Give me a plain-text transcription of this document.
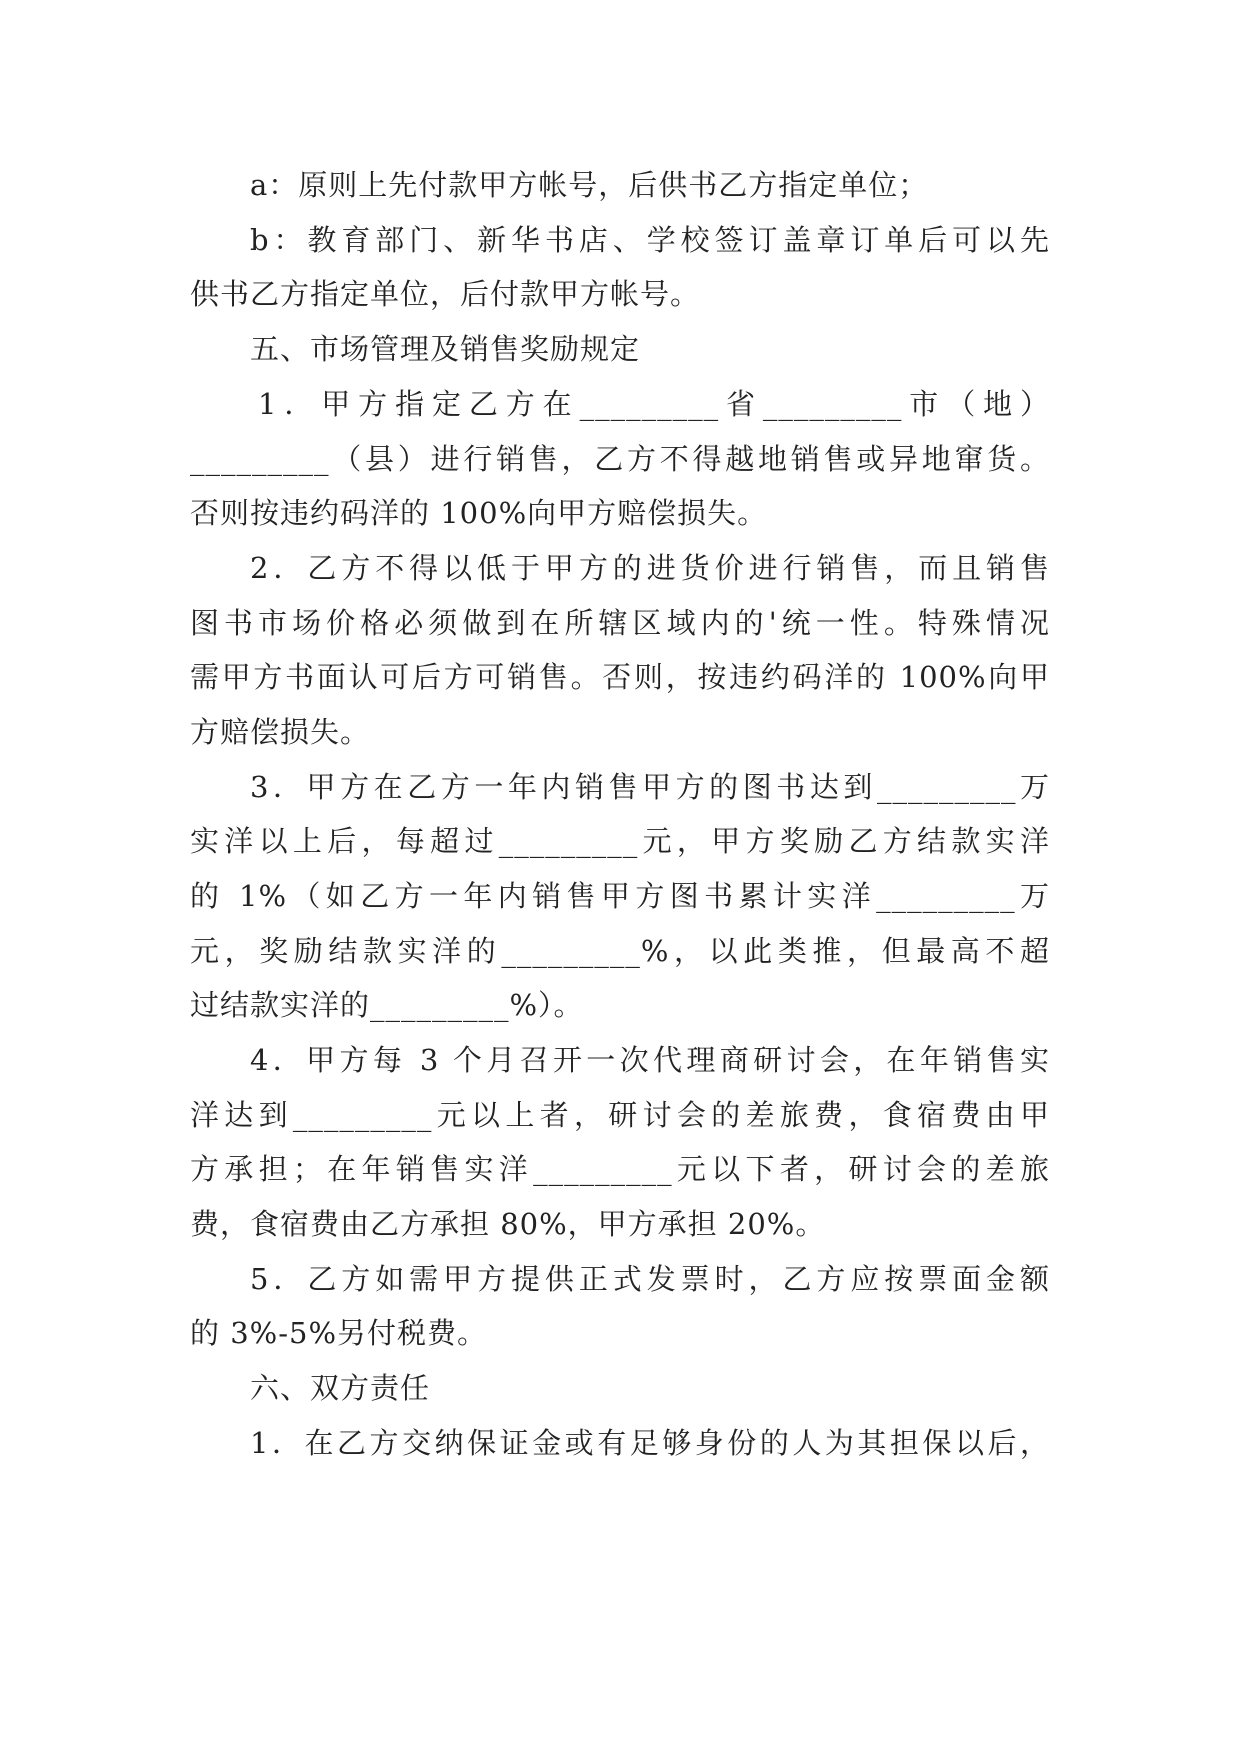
a：原则上先付款甲方帐号，后供书乙方指定单位；
b：教育部门、新华书店、学校签订盖章订单后可以先
供书乙方指定单位，后付款甲方帐号。
五、市场管理及销售奖励规定
1．甲方指定乙方在_________省_________市（地）
_________（县）进行销售，乙方不得越地销售或异地窜货。
否则按违约码洋的 100%向甲方赔偿损失。
2．乙方不得以低于甲方的进货价进行销售，而且销售
图书市场价格必须做到在所辖区域内的'统一性。特殊情况
需甲方书面认可后方可销售。否则，按违约码洋的 100%向甲
方赔偿损失。
3．甲方在乙方一年内销售甲方的图书达到_________万
实洋以上后，每超过_________元，甲方奖励乙方结款实洋
的 1%（如乙方一年内销售甲方图书累计实洋_________万
元，奖励结款实洋的_________%，以此类推，但最高不超
过结款实洋的_________%）。
4．甲方每 3 个月召开一次代理商研讨会，在年销售实
洋达到_________元以上者，研讨会的差旅费，食宿费由甲
方承担；在年销售实洋_________元以下者，研讨会的差旅
费，食宿费由乙方承担 80%，甲方承担 20%。
5．乙方如需甲方提供正式发票时，乙方应按票面金额
的 3%-5%另付税费。
六、双方责任
1．在乙方交纳保证金或有足够身份的人为其担保以后，
